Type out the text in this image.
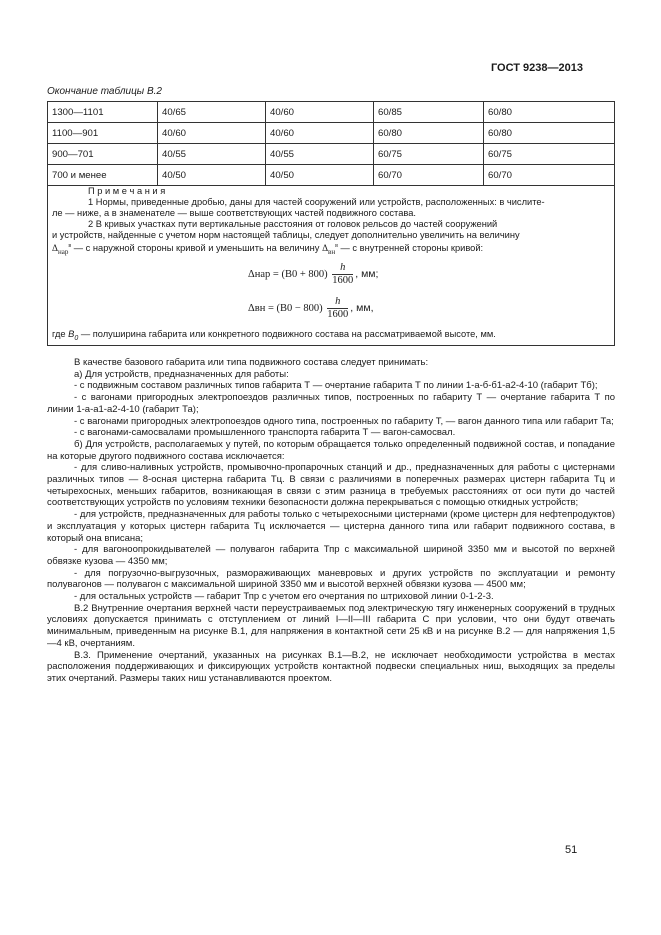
ГОСТ 9238—2013
Окончание таблицы В.2
1300—1101	40/65	40/60	60/85	60/80
1100—901	40/60	40/60	60/80	60/80
900—701	40/55	40/55	60/75	60/75
700 и менее	40/50	40/50	60/70	60/70
П р и м е ч а н и я
1 Нормы, приведенные дробью, даны для частей сооружений или устройств, расположенных: в числите-
ле — ниже, а в знаменателе — выше соответствующих частей подвижного состава.
2 В кривых участках пути вертикальные расстояния от головок рельсов до частей сооружений
и устройств, найденные с учетом норм настоящей таблицы, следует дополнительно увеличить на величину
$\Delta_{нар}^в$ — с наружной стороны кривой и уменьшить на величину $\Delta_{вн}^в$ — с внутренней стороны кривой:
$\Delta нар = (B0 + 800) \frac{h}{1600}$ , мм;
$\Delta вн = (B0 - 800) \frac{h}{1600}$ , мм,
где $B_0$ — полуширина габарита или конкретного подвижного состава на рассматриваемой высоте, мм.

В качестве базового габарита или типа подвижного состава следует принимать:

а) Для устройств, предназначенных для работы:

- с подвижным составом различных типов габарита Т — очертание габарита Т по линии 1-а-б-б1-а2-4-10 (габарит Тб);

- с вагонами пригородных электропоездов различных типов, построенных по габариту Т — очертание габарита Т по линии 1-а-а1-а2-4-10 (габарит Та);

- с вагонами пригородных электропоездов одного типа, построенных по габариту Т, — вагон данного типа или габарит Та;

- с вагонами-самосвалами промышленного транспорта габарита Т — вагон-самосвал.

б) Для устройств, располагаемых у путей, по которым обращается только определенный подвижной состав, и попадание на которые другого подвижного состава исключается:

- для сливо-наливных устройств, промывочно-пропарочных станций и др., предназначенных для работы с цистернами различных типов — 8-осная цистерна габарита Тц. В связи с различиями в поперечных размерах цистерн габарита Тц и четырехосных, меньших габаритов, возникающая в связи с этим разница в требуемых расстояниях от оси пути до частей соответствующих устройств по условиям техники безопасности должна перекрываться с помощью откидных устройств;

- для устройств, предназначенных для работы только с четырехосными цистернами (кроме цистерн для нефтепродуктов) и эксплуатация у которых цистерн габарита Тц исключается — цистерна данного типа или габарит подвижного состава, в который она вписана;

- для вагоноопрокидывателей — полувагон габарита Тпр с максимальной шириной 3350 мм и высотой по верхней обвязке кузова — 4350 мм;

- для погрузочно-выгрузочных, размораживающих маневровых и других устройств по эксплуатации и ремонту полувагонов — полувагон с максимальной шириной 3350 мм и высотой верхней обвязки кузова — 4500 мм;

- для остальных устройств — габарит Тпр с учетом его очертания по штриховой линии 0-1-2-3.

В.2 Внутренние очертания верхней части переустраиваемых под электрическую тягу инженерных сооружений в трудных условиях допускается принимать с отступлением от линий I—II—III габарита С при условии, что они будут отвечать минимальным, приведенным на рисунке В.1, для напряжения в контактной сети 25 кВ и на рисунке В.2 — для напряжения 1,5—4 кВ, очертаниям.

В.3. Применение очертаний, указанных на рисунках В.1—В.2, не исключает необходимости устройства в местах расположения поддерживающих и фиксирующих устройств контактной подвески специальных ниш, выходящих за пределы этих очертаний. Размеры таких ниш устанавливаются проектом.

51
